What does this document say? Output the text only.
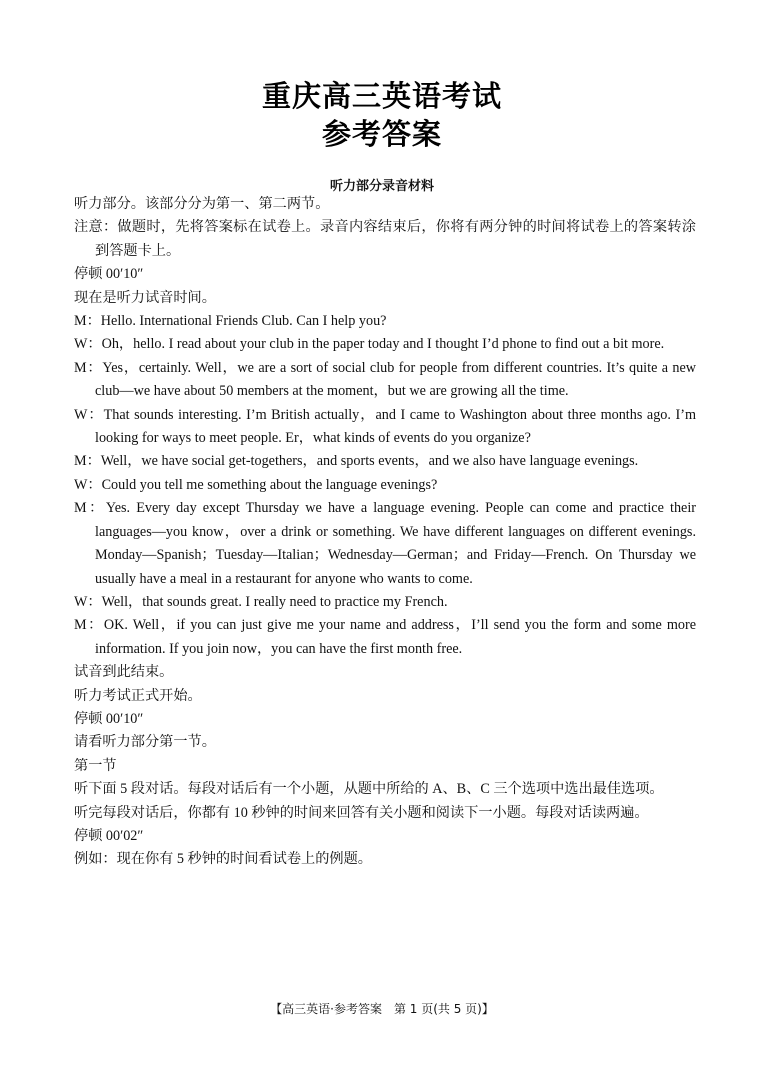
重庆高三英语考试
参考答案
听力部分录音材料

听力部分。该部分分为第一、第二两节。

注意：做题时，先将答案标在试卷上。录音内容结束后，你将有两分钟的时间将试卷上的答案转涂到答题卡上。

停顿 00′10″

现在是听力试音时间。

M：Hello. International Friends Club. Can I help you?

W：Oh，hello. I read about your club in the paper today and I thought I’d phone to find out a bit more.

M：Yes，certainly. Well，we are a sort of social club for people from different countries. It’s quite a new club—we have about 50 members at the moment，but we are growing all the time.

W：That sounds interesting. I’m British actually，and I came to Washington about three months ago. I’m looking for ways to meet people. Er，what kinds of events do you organize?

M：Well，we have social get-togethers，and sports events，and we also have language evenings.

W：Could you tell me something about the language evenings?

M：Yes. Every day except Thursday we have a language evening. People can come and practice their languages—you know，over a drink or something. We have different languages on different evenings. Monday—Spanish；Tuesday—Italian；Wednesday—German；and Friday—French. On Thursday we usually have a meal in a restaurant for anyone who wants to come.

W：Well，that sounds great. I really need to practice my French.

M：OK. Well，if you can just give me your name and address，I’ll send you the form and some more information. If you join now，you can have the first month free.

试音到此结束。

听力考试正式开始。

停顿 00′10″

请看听力部分第一节。

第一节

听下面 5 段对话。每段对话后有一个小题，从题中所给的 A、B、C 三个选项中选出最佳选项。

听完每段对话后，你都有 10 秒钟的时间来回答有关小题和阅读下一小题。每段对话读两遍。

停顿 00′02″

例如：现在你有 5 秒钟的时间看试卷上的例题。

【高三英语·参考答案　第 1 页(共 5 页)】
